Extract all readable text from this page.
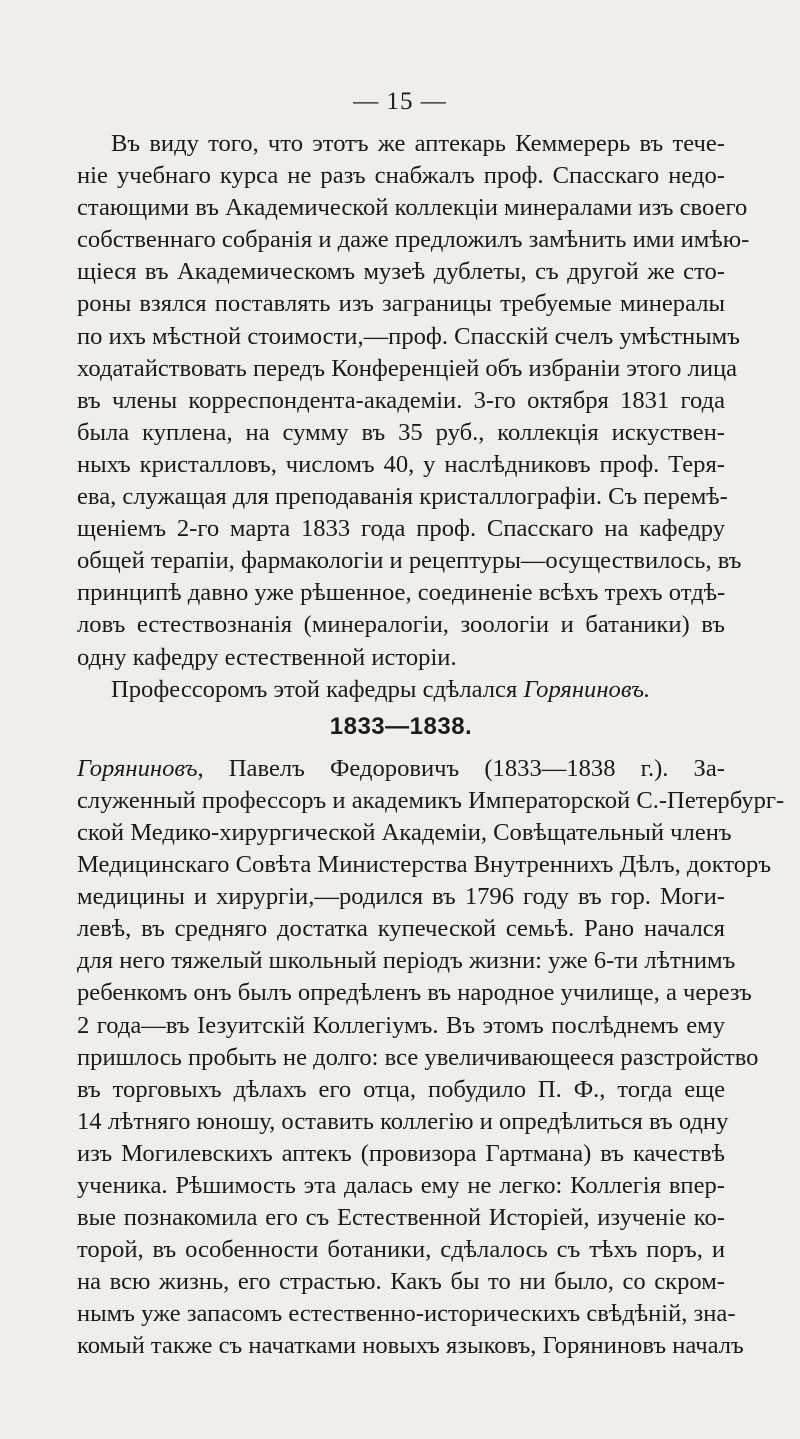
— 15 —
Въ виду того, что этотъ же аптекарь Кеммерерь въ тече-
ніе учебнаго курса не разъ снабжалъ проф. Спасскаго недо-
стающими въ Академической коллекціи минералами изъ своего
собственнаго собранія и даже предложилъ замѣнить ими имѣю-
щіеся въ Академическомъ музеѣ дублеты, съ другой же сто-
роны взялся поставлять изъ заграницы требуемые минералы
по ихъ мѣстной стоимости,—проф. Спасскій счелъ умѣстнымъ
ходатайствовать передъ Конференціей объ избраніи этого лица
въ члены корреспондента-академіи. 3-го октября 1831 года
была куплена, на сумму въ 35 руб., коллекція искуствен-
ныхъ кристалловъ, числомъ 40, у наслѣдниковъ проф. Теря-
ева, служащая для преподаванія кристаллографіи. Съ перемѣ-
щеніемъ 2-го марта 1833 года проф. Спасскаго на кафедру
общей терапіи, фармакологіи и рецептуры—осуществилось, въ
принципѣ давно уже рѣшенное, соединеніе всѣхъ трехъ отдѣ-
ловъ естествознанія (минералогіи, зоологіи и батаники) въ
одну кафедру естественной исторіи.
Профессоромъ этой кафедры сдѣлался Горяниновъ.
1833—1838.
Горяниновъ, Павелъ Федоровичъ (1833—1838 г.). За-
служенный профессоръ и академикъ Императорской С.-Петербург-
ской Медико-хирургической Академіи, Совѣщательный членъ
Медицинскаго Совѣта Министерства Внутреннихъ Дѣлъ, докторъ
медицины и хирургіи,—родился въ 1796 году въ гор. Моги-
левѣ, въ средняго достатка купеческой семьѣ. Рано начался
для него тяжелый школьный періодъ жизни: уже 6-ти лѣтнимъ
ребенкомъ онъ былъ опредѣленъ въ народное училище, а черезъ
2 года—въ Іезуитскій Коллегіумъ. Въ этомъ послѣднемъ ему
пришлось пробыть не долго: все увеличивающееся разстройство
въ торговыхъ дѣлахъ его отца, побудило П. Ф., тогда еще
14 лѣтняго юношу, оставить коллегію и опредѣлиться въ одну
изъ Могилевскихъ аптекъ (провизора Гартмана) въ качествѣ
ученика. Рѣшимость эта далась ему не легко: Коллегія впер-
вые познакомила его съ Естественной Исторіей, изученіе ко-
торой, въ особенности ботаники, сдѣлалось съ тѣхъ поръ, и
на всю жизнь, его страстью. Какъ бы то ни было, со скром-
нымъ уже запасомъ естественно-историческихъ свѣдѣній, зна-
комый также съ начатками новыхъ языковъ, Горяниновъ началъ
